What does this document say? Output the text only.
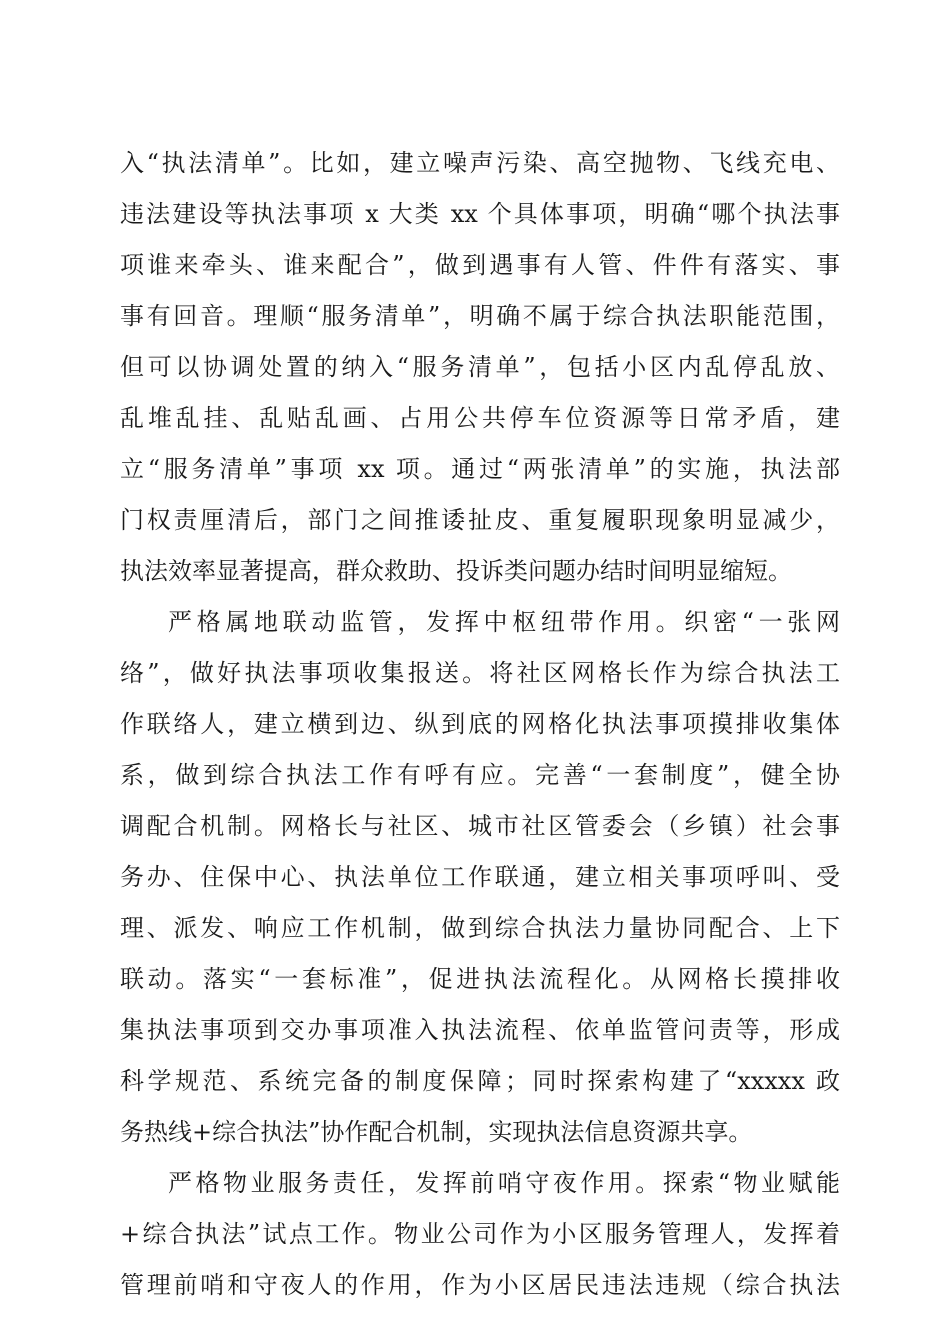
入“执法清单”。比如，建立噪声污染、高空抛物、飞线充电、
违法建设等执法事项 x 大类 xx 个具体事项，明确“哪个执法事
项谁来牵头、谁来配合”，做到遇事有人管、件件有落实、事
事有回音。理顺“服务清单”，明确不属于综合执法职能范围，
但可以协调处置的纳入“服务清单”，包括小区内乱停乱放、
乱堆乱挂、乱贴乱画、占用公共停车位资源等日常矛盾，建
立“服务清单”事项 xx 项。通过“两张清单”的实施，执法部
门权责厘清后，部门之间推诿扯皮、重复履职现象明显减少，
执法效率显著提高，群众救助、投诉类问题办结时间明显缩短。
严格属地联动监管，发挥中枢纽带作用。织密“一张网
络”，做好执法事项收集报送。将社区网格长作为综合执法工
作联络人，建立横到边、纵到底的网格化执法事项摸排收集体
系，做到综合执法工作有呼有应。完善“一套制度”，健全协
调配合机制。网格长与社区、城市社区管委会（乡镇）社会事
务办、住保中心、执法单位工作联通，建立相关事项呼叫、受
理、派发、响应工作机制，做到综合执法力量协同配合、上下
联动。落实“一套标准”，促进执法流程化。从网格长摸排收
集执法事项到交办事项准入执法流程、依单监管问责等，形成
科学规范、系统完备的制度保障；同时探索构建了“xxxxx 政
务热线+综合执法”协作配合机制，实现执法信息资源共享。
严格物业服务责任，发挥前哨守夜作用。探索“物业赋能
+综合执法”试点工作。物业公司作为小区服务管理人，发挥着
管理前哨和守夜人的作用，作为小区居民违法违规（综合执法
